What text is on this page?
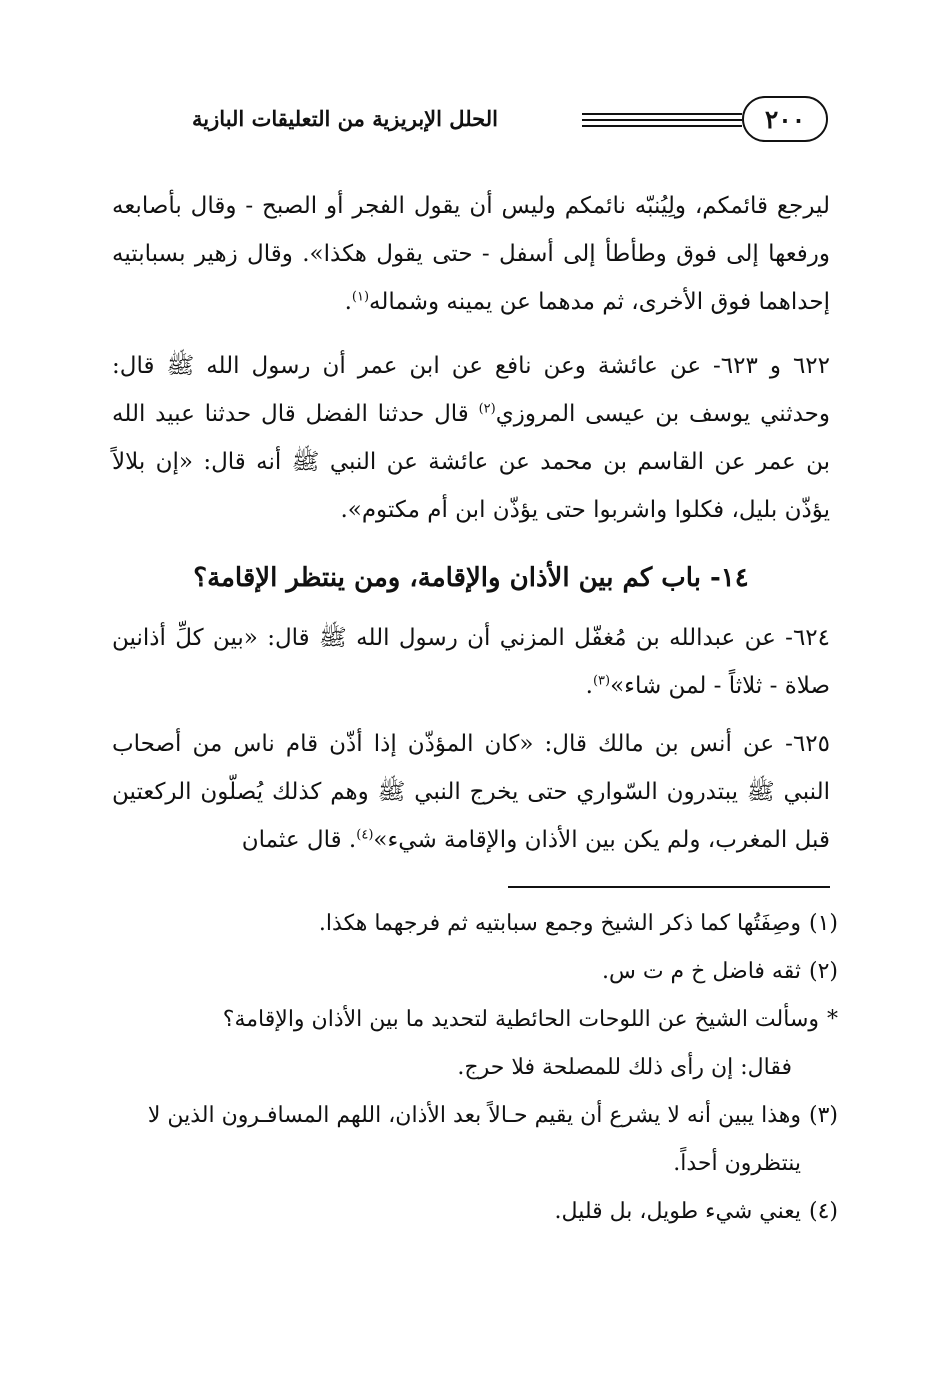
٢٠٠
الحلل الإبريزية من التعليقات البازية
ليرجع قائمكم، ولِيُنبّه نائمكم وليس أن يقول الفجر أو الصبح - وقال بأصابعه ورفعها إلى فوق وطأطأ إلى أسفل - حتى يقول هكذا». وقال زهير بسبابتيه إحداهما فوق الأخرى، ثم مدهما عن يمينه وشماله$^{(١)}$.
٦٢٢ و ٦٢٣- عن عائشة وعن نافع عن ابن عمر أن رسول الله ﷺ قال: وحدثني يوسف بن عيسى المروزي$^{(٢)}$ قال حدثنا الفضل قال حدثنا عبيد الله بن عمر عن القاسم بن محمد عن عائشة عن النبي ﷺ أنه قال: «إن بلالاً يؤذّن بليل، فكلوا واشربوا حتى يؤذّن ابن أم مكتوم».
١٤- باب كم بين الأذان والإقامة، ومن ينتظر الإقامة؟
٦٢٤- عن عبدالله بن مُغفّل المزني أن رسول الله ﷺ قال: «بين كلِّ أذانين صلاة - ثلاثاً - لمن شاء»$^{(٣)}$.
٦٢٥- عن أنس بن مالك قال: «كان المؤذّن إذا أذّن قام ناس من أصحاب النبي ﷺ يبتدرون السّواري حتى يخرج النبي ﷺ وهم كذلك يُصلّون الركعتين قبل المغرب، ولم يكن بين الأذان والإقامة شيء»$^{(٤)}$. قال عثمان
(١)
وصِفَتُها كما ذكر الشيخ وجمع سبابتيه ثم فرجهما هكذا.
(٢)
ثقه فاضل خ م ت س.
*
وسألت الشيخ عن اللوحات الحائطية لتحديد ما بين الأذان والإقامة؟
فقال: إن رأى ذلك للمصلحة فلا حرج.
(٣)
وهذا يبين أنه لا يشرع أن يقيم حـالاً بعد الأذان، اللهم المسافـرون الذين لا ينتظرون أحداً.
(٤)
يعني شيء طويل، بل قليل.
